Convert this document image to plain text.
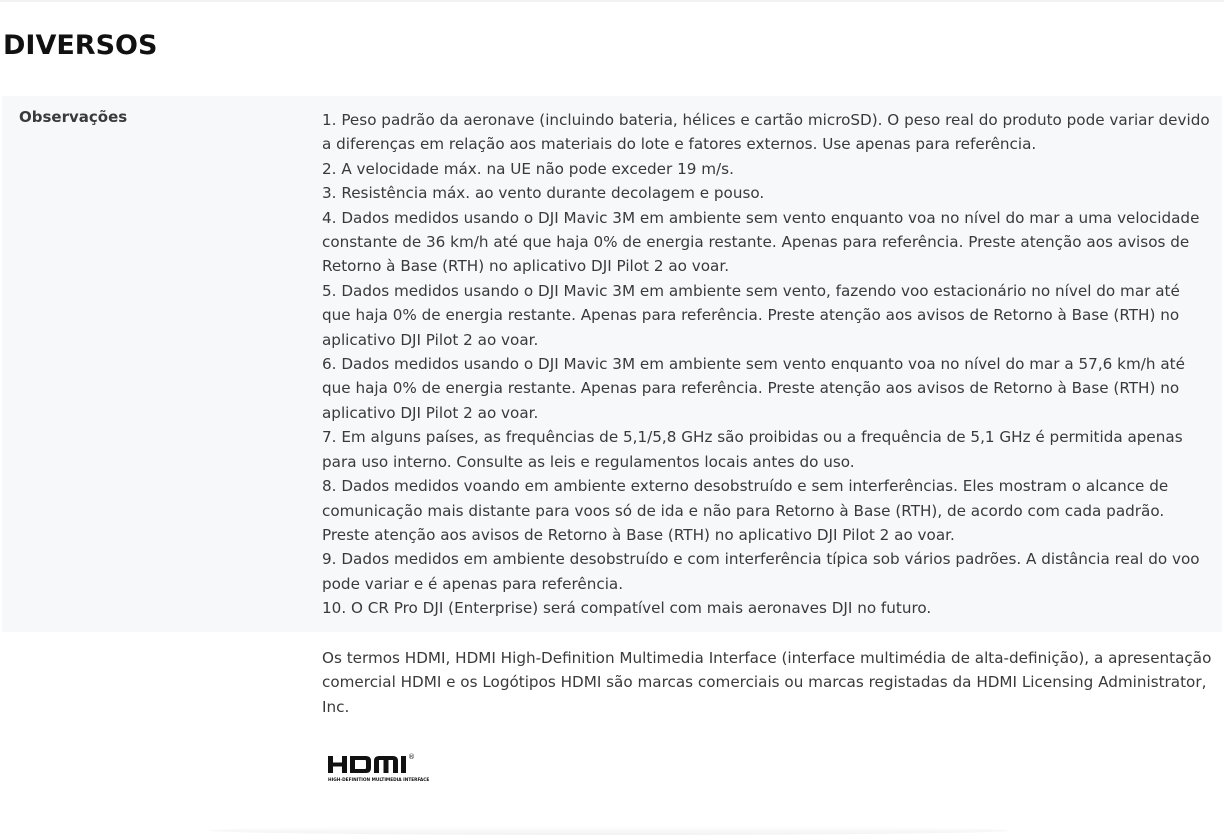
DIVERSOS
Observações	1. Peso padrão da aeronave (incluindo bateria, hélices e cartão microSD). O peso real do produto pode variar devido a diferenças em relação aos materiais do lote e fatores externos. Use apenas para referência.
2. A velocidade máx. na UE não pode exceder 19 m/s.
3. Resistência máx. ao vento durante decolagem e pouso.
4. Dados medidos usando o DJI Mavic 3M em ambiente sem vento enquanto voa no nível do mar a uma velocidade constante de 36 km/h até que haja 0% de energia restante. Apenas para referência. Preste atenção aos avisos de Retorno à Base (RTH) no aplicativo DJI Pilot 2 ao voar.
5. Dados medidos usando o DJI Mavic 3M em ambiente sem vento, fazendo voo estacionário no nível do mar até que haja 0% de energia restante. Apenas para referência. Preste atenção aos avisos de Retorno à Base (RTH) no aplicativo DJI Pilot 2 ao voar.
6. Dados medidos usando o DJI Mavic 3M em ambiente sem vento enquanto voa no nível do mar a 57,6 km/h até que haja 0% de energia restante. Apenas para referência. Preste atenção aos avisos de Retorno à Base (RTH) no aplicativo DJI Pilot 2 ao voar.
7. Em alguns países, as frequências de 5,1/5,8 GHz são proibidas ou a frequência de 5,1 GHz é permitida apenas para uso interno. Consulte as leis e regulamentos locais antes do uso.
8. Dados medidos voando em ambiente externo desobstruído e sem interferências. Eles mostram o alcance de comunicação mais distante para voos só de ida e não para Retorno à Base (RTH), de acordo com cada padrão. Preste atenção aos avisos de Retorno à Base (RTH) no aplicativo DJI Pilot 2 ao voar.
9. Dados medidos em ambiente desobstruído e com interferência típica sob vários padrões. A distância real do voo pode variar e é apenas para referência.
10. O CR Pro DJI (Enterprise) será compatível com mais aeronaves DJI no futuro.
Os termos HDMI, HDMI High-Definition Multimedia Interface (interface multimédia de alta-definição), a apresentação comercial HDMI e os Logótipos HDMI são marcas comerciais ou marcas registadas da HDMI Licensing Administrator, Inc.
®
HIGH-DEFINITION MULTIMEDIA INTERFACE
